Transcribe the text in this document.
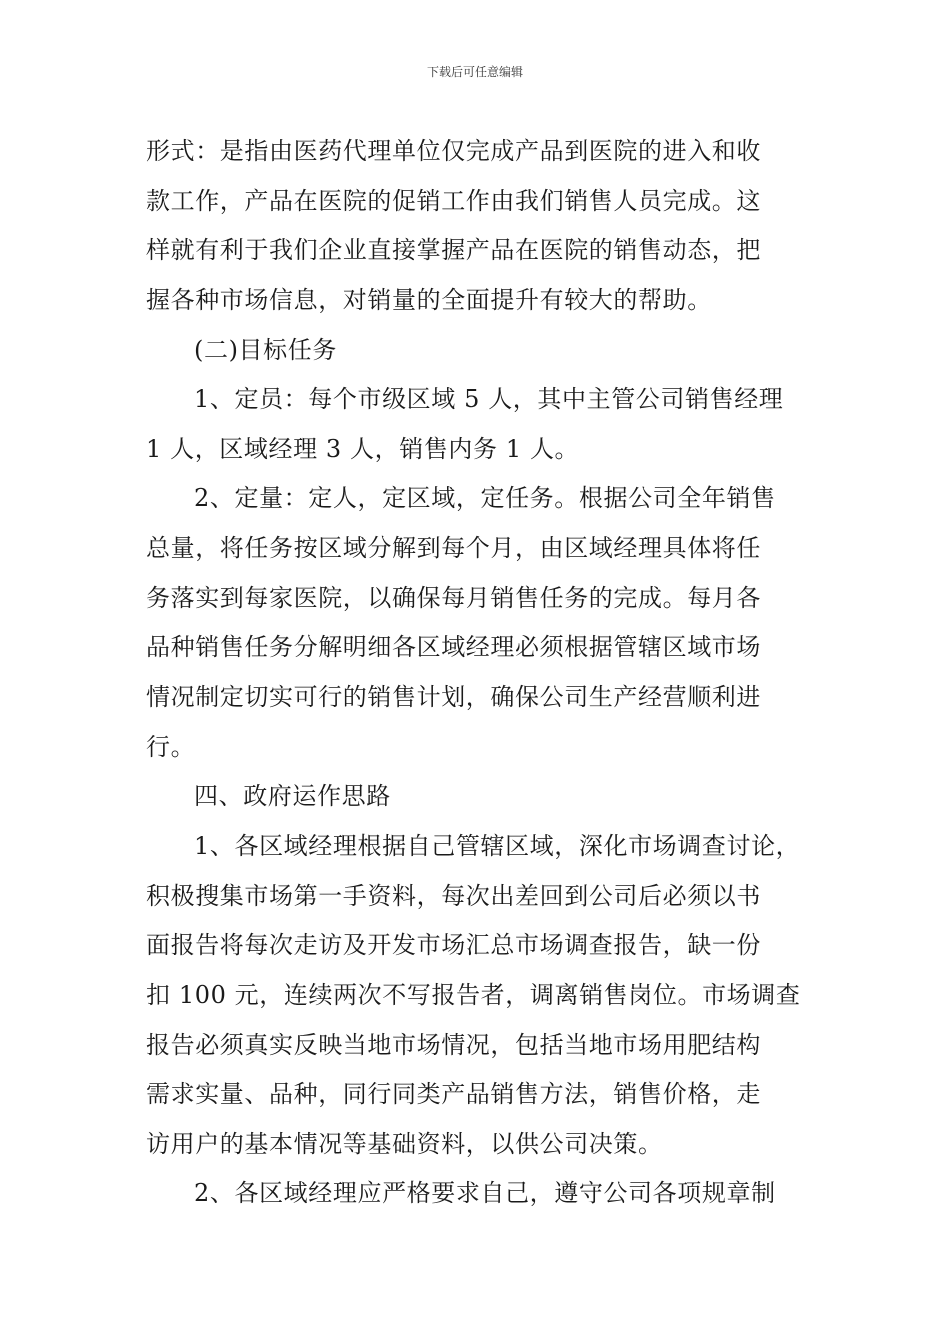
下载后可任意编辑
形式：是指由医药代理单位仅完成产品到医院的进入和收
款工作，产品在医院的促销工作由我们销售人员完成。这
样就有利于我们企业直接掌握产品在医院的销售动态，把
握各种市场信息，对销量的全面提升有较大的帮助。
(二)目标任务
1、定员：每个市级区域 5 人，其中主管公司销售经理
1 人，区域经理 3 人，销售内务 1 人。
2、定量：定人，定区域，定任务。根据公司全年销售
总量，将任务按区域分解到每个月，由区域经理具体将任
务落实到每家医院，以确保每月销售任务的完成。每月各
品种销售任务分解明细各区域经理必须根据管辖区域市场
情况制定切实可行的销售计划，确保公司生产经营顺利进
行。
四、政府运作思路
1、各区域经理根据自己管辖区域，深化市场调查讨论，
积极搜集市场第一手资料，每次出差回到公司后必须以书
面报告将每次走访及开发市场汇总市场调查报告，缺一份
扣 100 元，连续两次不写报告者，调离销售岗位。市场调查
报告必须真实反映当地市场情况，包括当地市场用肥结构
需求实量、品种，同行同类产品销售方法，销售价格，走
访用户的基本情况等基础资料，以供公司决策。
2、各区域经理应严格要求自己，遵守公司各项规章制
